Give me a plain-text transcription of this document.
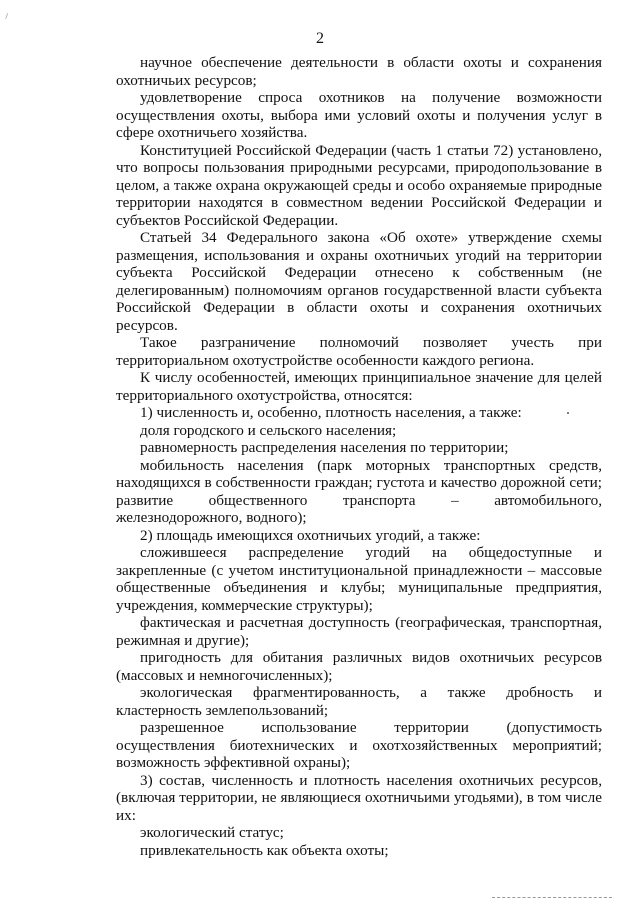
2

научное обеспечение деятельности в области охоты и сохранения охотничьих ресурсов;

удовлетворение спроса охотников на получение возможности осуществления охоты, выбора ими условий охоты и получения услуг в сфере охотничьего хозяйства.

Конституцией Российской Федерации (часть 1 статьи 72) установлено, что вопросы пользования природными ресурсами, природопользование в целом, а также охрана окружающей среды и особо охраняемые природные территории находятся в совместном ведении Российской Федерации и субъектов Российской Федерации.

Статьей 34 Федерального закона «Об охоте» утверждение схемы размещения, использования и охраны охотничьих угодий на территории субъекта Российской Федерации отнесено к собственным (не делегированным) полномочиям органов государственной власти субъекта Российской Федерации в области охоты и сохранения охотничьих ресурсов.

Такое разграничение полномочий позволяет учесть при территориальном охотустройстве особенности каждого региона.

К числу особенностей, имеющих принципиальное значение для целей территориального охотустройства, относятся:

1) численность и, особенно, плотность населения, а также:

доля городского и сельского населения;

равномерность распределения населения по территории;

мобильность населения (парк моторных транспортных средств, находящихся в собственности граждан; густота и качество дорожной сети; развитие общественного транспорта – автомобильного, железнодорожного, водного);

2) площадь имеющихся охотничьих угодий, а также:

сложившееся распределение угодий на общедоступные и закрепленные (с учетом институциональной принадлежности – массовые общественные объединения и клубы; муниципальные предприятия, учреждения, коммерческие структуры);

фактическая и расчетная доступность (географическая, транспортная, режимная и другие);

пригодность для обитания различных видов охотничьих ресурсов (массовых и немногочисленных);

экологическая фрагментированность, а также дробность и кластерность землепользований;

разрешенное использование территории (допустимость осуществления биотехнических и охотхозяйственных мероприятий; возможность эффективной охраны);

3) состав, численность и плотность населения охотничьих ресурсов, (включая территории, не являющиеся охотничьими угодьями), в том числе их:

экологический статус;

привлекательность как объекта охоты;
